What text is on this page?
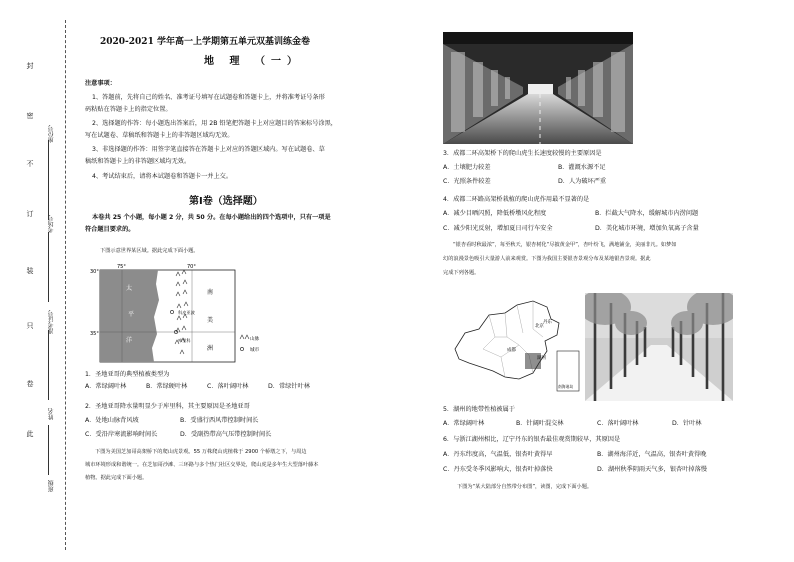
此
卷
只
装
订
不
密
封
班级
姓名
准考证号
考场号
座位号
2020-2021 学年高一上学期第五单元双基训练金卷
地 理 （一）
注意事项：
1、答题前，先将自己的姓名、准考证号填写在试题卷和答题卡上，并将准考证号条形
码粘贴在答题卡上的指定位置。
2、选择题的作答：每小题选出答案后，用 2B 铅笔把答题卡上对应题目的答案标号涂黑，
写在试题卷、草稿纸和答题卡上的非答题区域均无效。
3、非选择题的作答：用签字笔直接答在答题卡上对应的答题区域内。写在试题卷、草
稿纸和答题卡上的非答题区域均无效。
4、考试结束后，请将本试题卷和答题卡一并上交。
第Ⅰ卷（选择题）
本卷共 25 个小题，每小题 2 分，共 50 分。在每小题给出的四个选项中，只有一项是
符合题目要求的。
下图示意世界某区域。据此完成下面小题。
30°
35°
75°	70°
太
平
洋
南
美
洲
科皮亚波
库里科	山脉
城市
1．圣地亚哥的典型植被类型为
A．常绿阔叶林	B．常绿硬叶林	C．落叶阔叶林	D．常绿针叶林
2．圣地亚哥降水量明显少于库里科，其主要原因是圣地亚哥
A．处地山脉背风坡	B．受盛行西风带控制时间长
C．受沿岸寒流影响时间长	D．受副热带高气压带控制时间长
下图为美国芝加哥高架桥下的爬山虎景观。55 万株爬山虎植株于 2900 个桥墩之下，与周边
城市环境形成和谐统一。在芝加哥沙滩、三环路与多个热门社区交界处，爬山虎是多年生大型落叶藤本
植物。据此完成下面小题。
3．成都二环高架桥下的爬山虎生长速度较慢的主要原因是
A．土壤肥力较差	B．灌溉水源不足
C．光照条件较差	D．人为破坏严重
4．成都二环路高架桥栽植的爬山虎作用最不显著的是
A．减少目晒闪照，降低桥墩风化程度	B．拦截大气降水，缓解城市内涝问题
C．减少阳光反射，增加夏日司行车安全	D．美化城市环境，增加负氧离子含量
“银杏看时秋最浓”，每至秋天，银杏树化“尽披黄金甲”，杏叶纷飞，满地铺金，美丽非凡。如梦如
幻的浪漫景色吸引大量游人前来观赏。下图为我国主要银杏景观分布及某地银杏景观。据此
完成下列各题。
成都
北京
丹东
湖州
南海诸岛
5．湖州的地带性植被属于
A．常绿阔叶林	B．针阔叶混交林	C．落叶阔叶林	D．针叶林
6．与浙江湖州相比，辽宁丹东的银杏最佳观赏期较早，其原因是
A．丹东纬度高，气温低，银杏叶黄得早	B．湖州海洋近，气温高，银杏叶黄得晚
C．丹东受冬季风影响大，银杏叶掉落快	D．湖州秋季阴雨天气多，银杏叶掉落慢
下图为“某大陆部分自然带分布图”，读图，完成下面小题。
